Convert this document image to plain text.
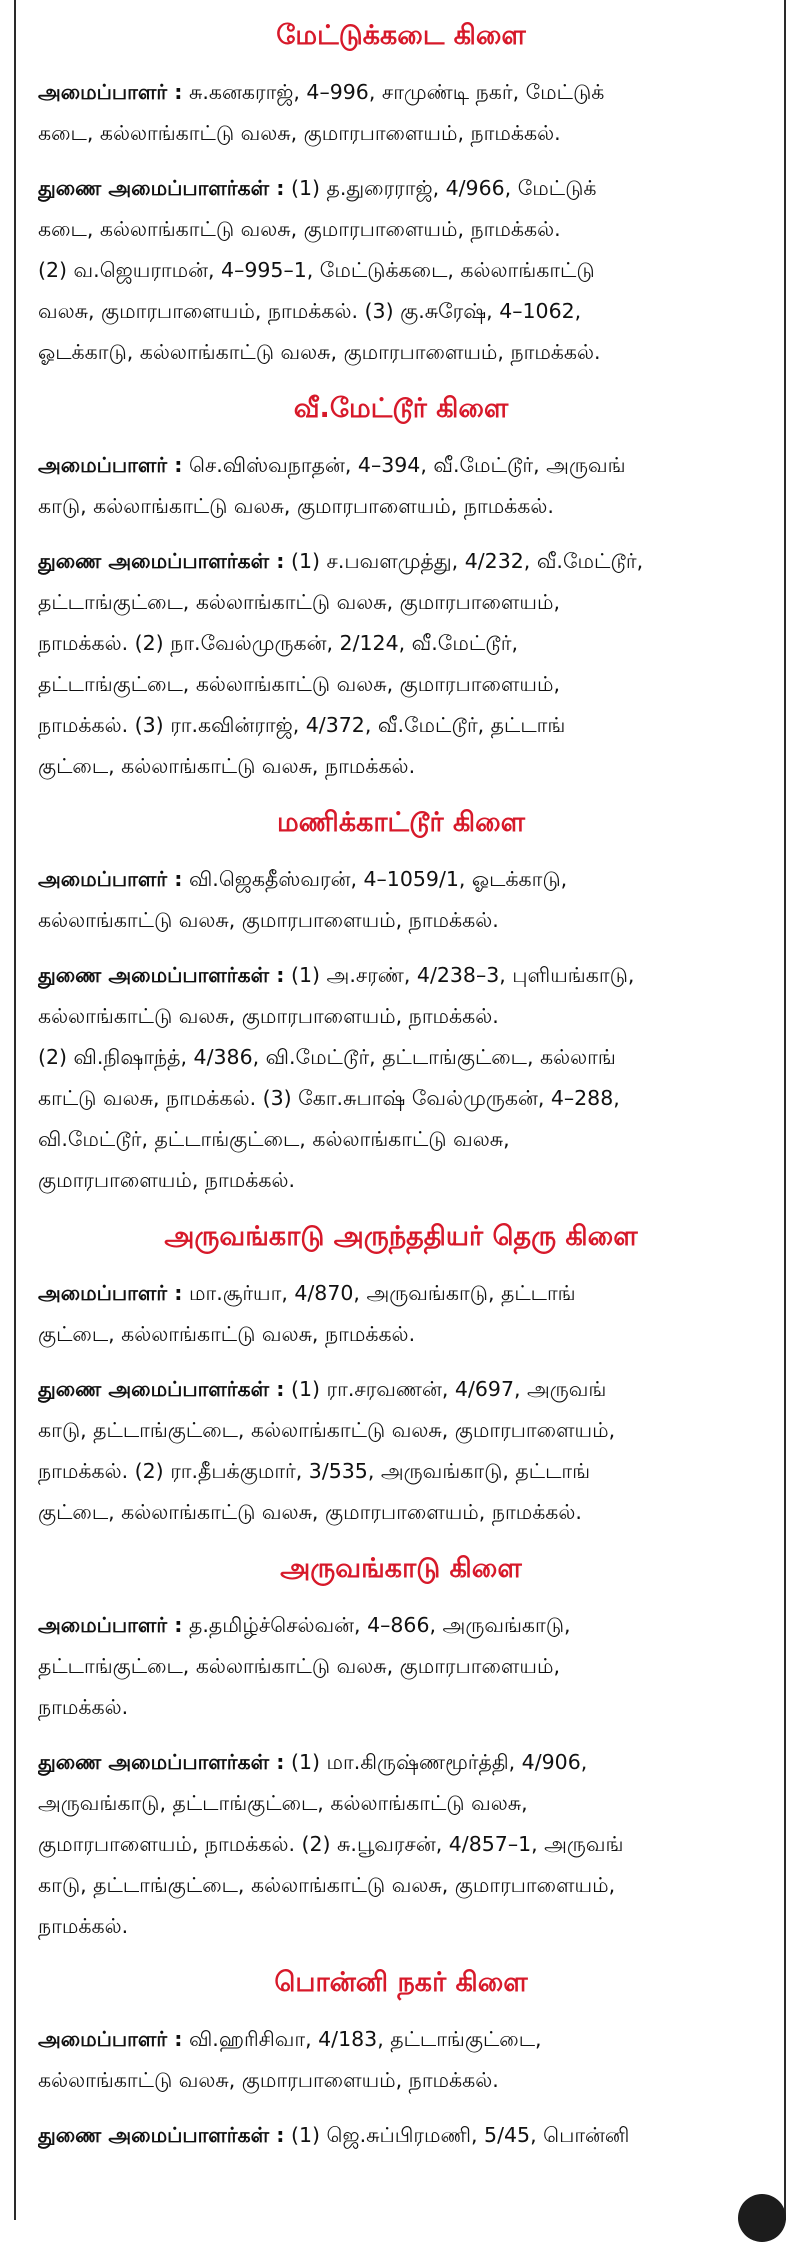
மேட்டுக்கடை கிளை
அமைப்பாளர் : சு.கனகராஜ், 4–996, சாமுண்டி நகர், மேட்டுக்
கடை, கல்லாங்காட்டு வலசு, குமாரபாளையம், நாமக்கல்.
துணை அமைப்பாளர்கள் : (1) த.துரைராஜ், 4/966, மேட்டுக்
கடை, கல்லாங்காட்டு வலசு, குமாரபாளையம், நாமக்கல்.
(2) வ.ஜெயராமன், 4–995–1, மேட்டுக்கடை, கல்லாங்காட்டு
வலசு, குமாரபாளையம், நாமக்கல். (3) கு.சுரேஷ், 4–1062,
ஓடக்காடு, கல்லாங்காட்டு வலசு, குமாரபாளையம், நாமக்கல்.
வீ.மேட்டூர் கிளை
அமைப்பாளர் : செ.விஸ்வநாதன், 4–394, வீ.மேட்டூர், அருவங்
காடு, கல்லாங்காட்டு வலசு, குமாரபாளையம், நாமக்கல்.
துணை அமைப்பாளர்கள் : (1) ச.பவளமுத்து, 4/232, வீ.மேட்டூர்,
தட்டாங்குட்டை, கல்லாங்காட்டு வலசு, குமாரபாளையம்,
நாமக்கல். (2) நா.வேல்முருகன், 2/124, வீ.மேட்டூர்,
தட்டாங்குட்டை, கல்லாங்காட்டு வலசு, குமாரபாளையம்,
நாமக்கல். (3) ரா.கவின்ராஜ், 4/372, வீ.மேட்டூர், தட்டாங்
குட்டை, கல்லாங்காட்டு வலசு, நாமக்கல்.
மணிக்காட்டூர் கிளை
அமைப்பாளர் : வி.ஜெகதீஸ்வரன், 4–1059/1, ஓடக்காடு,
கல்லாங்காட்டு வலசு, குமாரபாளையம், நாமக்கல்.
துணை அமைப்பாளர்கள் : (1) அ.சரண், 4/238–3, புளியங்காடு,
கல்லாங்காட்டு வலசு, குமாரபாளையம், நாமக்கல்.
(2) வி.நிஷாந்த், 4/386, வி.மேட்டூர், தட்டாங்குட்டை, கல்லாங்
காட்டு வலசு, நாமக்கல். (3) கோ.சுபாஷ் வேல்முருகன், 4–288,
வி.மேட்டூர், தட்டாங்குட்டை, கல்லாங்காட்டு வலசு,
குமாரபாளையம், நாமக்கல்.
அருவங்காடு அருந்ததியர் தெரு கிளை
அமைப்பாளர் : மா.சூர்யா, 4/870, அருவங்காடு, தட்டாங்
குட்டை, கல்லாங்காட்டு வலசு, நாமக்கல்.
துணை அமைப்பாளர்கள் : (1) ரா.சரவணன், 4/697, அருவங்
காடு, தட்டாங்குட்டை, கல்லாங்காட்டு வலசு, குமாரபாளையம்,
நாமக்கல். (2) ரா.தீபக்குமார், 3/535, அருவங்காடு, தட்டாங்
குட்டை, கல்லாங்காட்டு வலசு, குமாரபாளையம், நாமக்கல்.
அருவங்காடு கிளை
அமைப்பாளர் : த.தமிழ்ச்செல்வன், 4–866, அருவங்காடு,
தட்டாங்குட்டை, கல்லாங்காட்டு வலசு, குமாரபாளையம்,
நாமக்கல்.
துணை அமைப்பாளர்கள் : (1) மா.கிருஷ்ணமூர்த்தி, 4/906,
அருவங்காடு, தட்டாங்குட்டை, கல்லாங்காட்டு வலசு,
குமாரபாளையம், நாமக்கல். (2) சு.பூவரசன், 4/857–1, அருவங்
காடு, தட்டாங்குட்டை, கல்லாங்காட்டு வலசு, குமாரபாளையம்,
நாமக்கல்.
பொன்னி நகர் கிளை
அமைப்பாளர் : வி.ஹரிசிவா, 4/183, தட்டாங்குட்டை,
கல்லாங்காட்டு வலசு, குமாரபாளையம், நாமக்கல்.
துணை அமைப்பாளர்கள் : (1) ஜெ.சுப்பிரமணி, 5/45, பொன்னி
